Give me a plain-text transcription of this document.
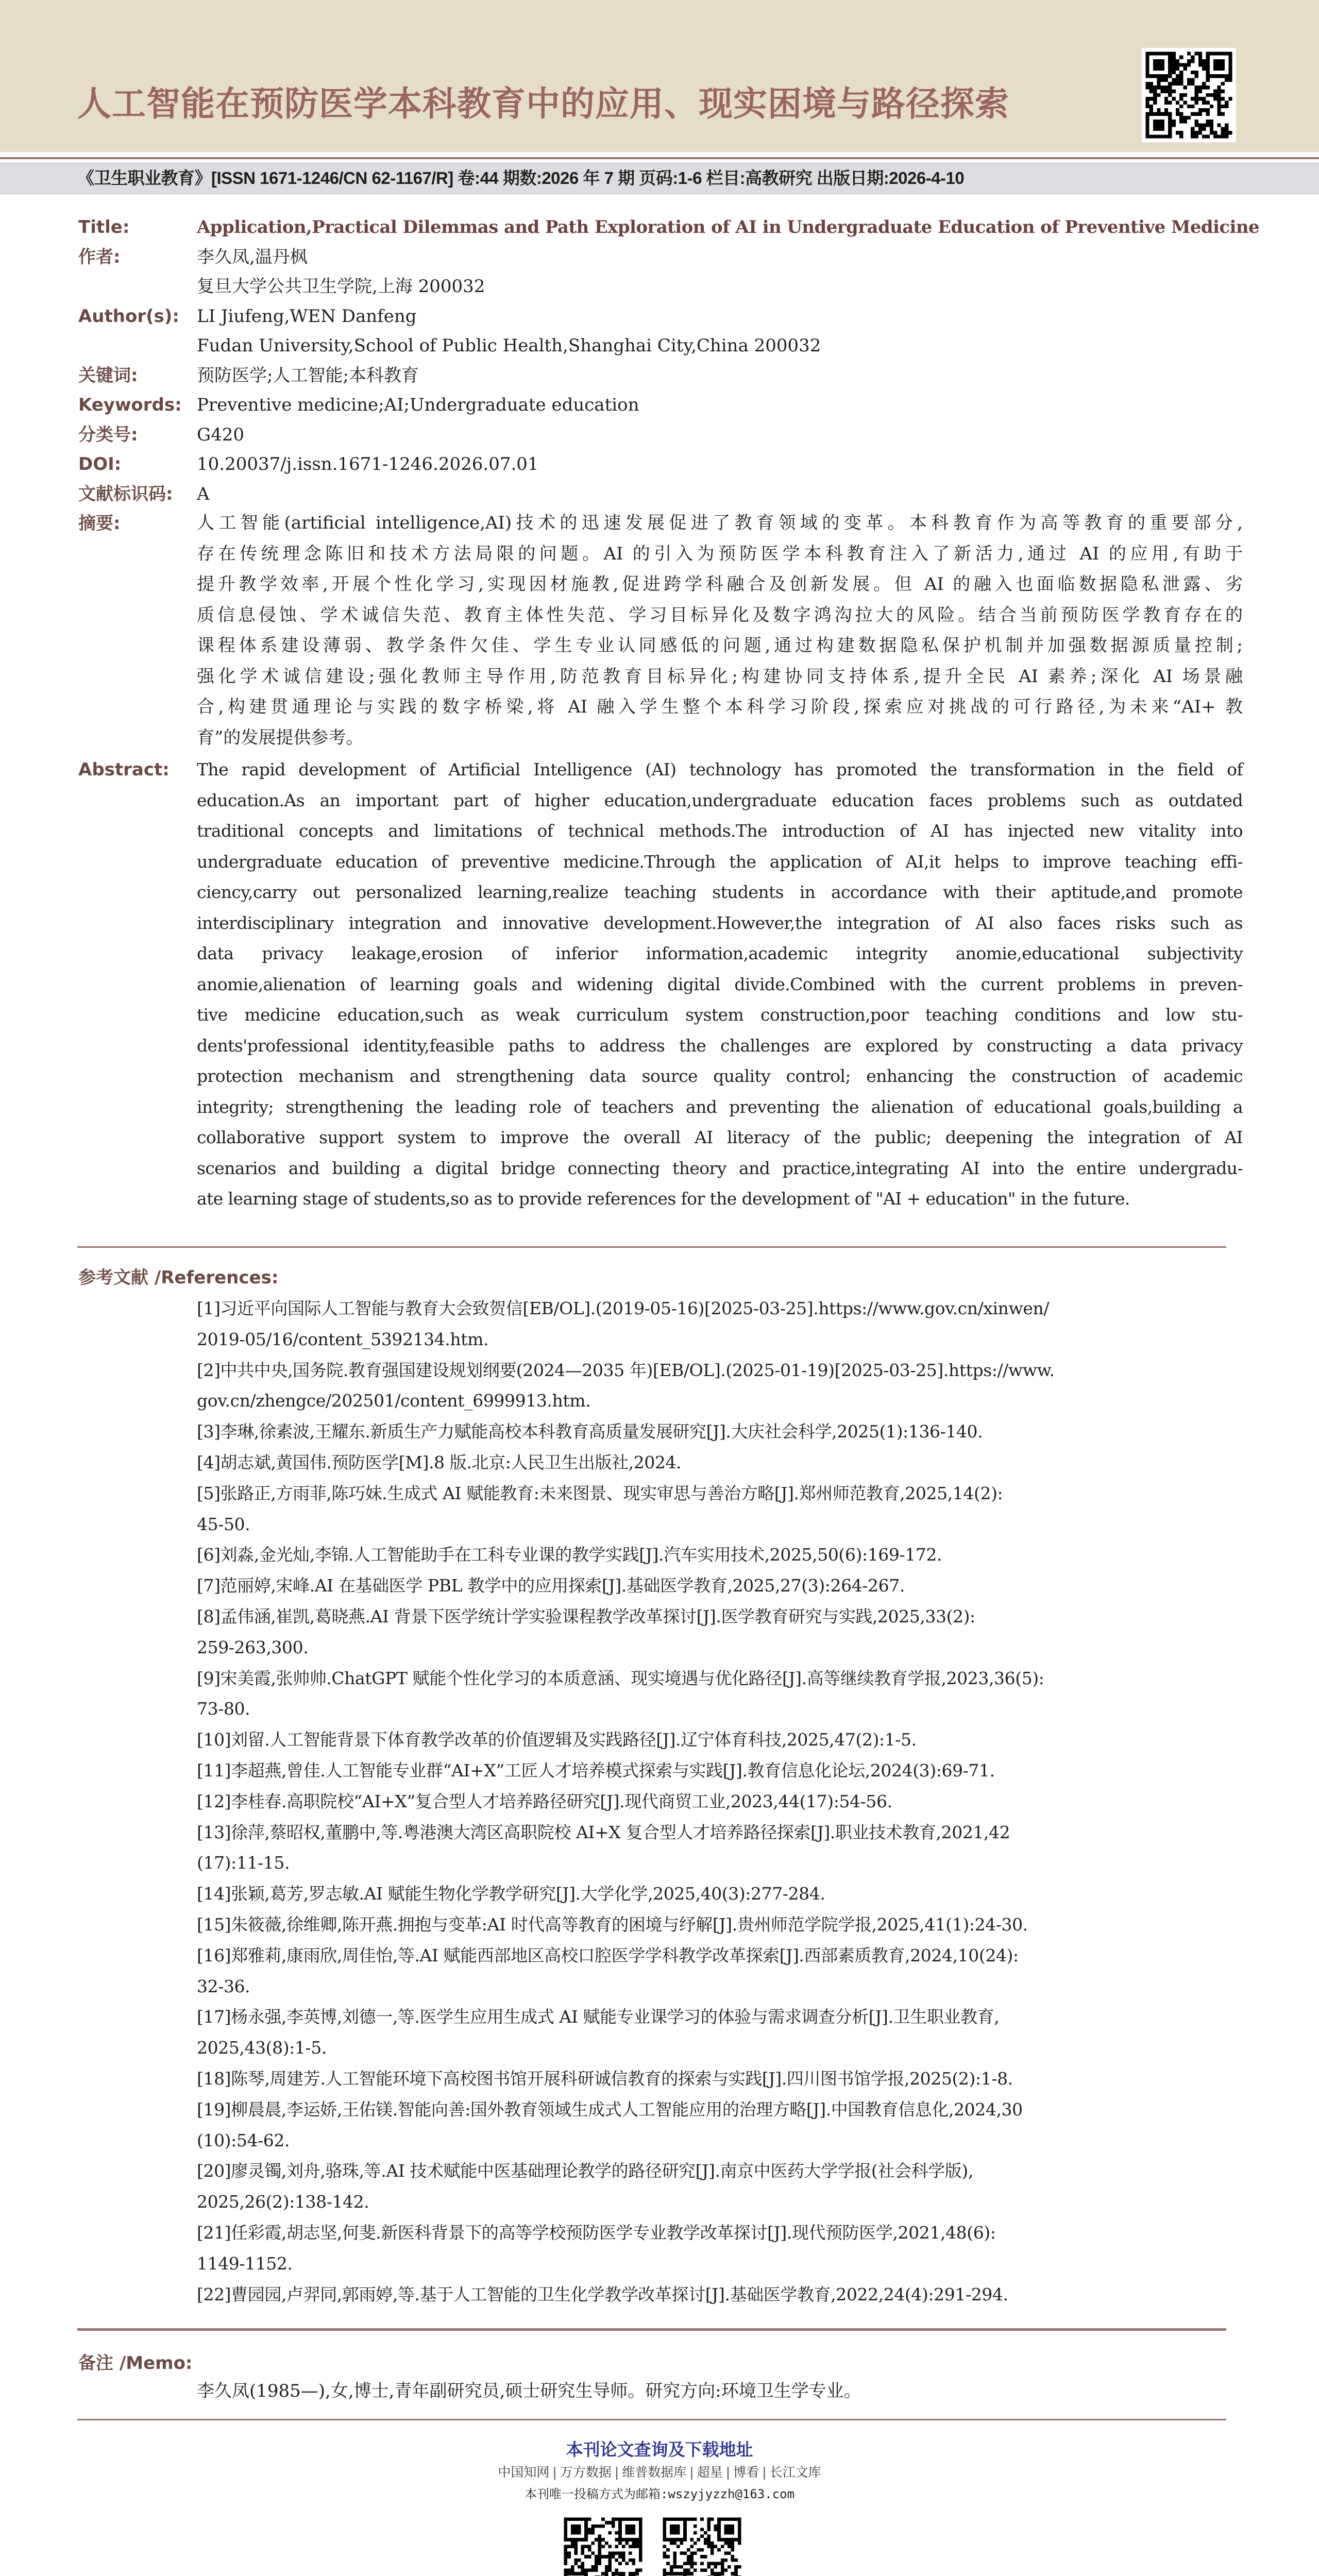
人工智能在预防医学本科教育中的应用、现实困境与路径探索
《卫生职业教育》[ISSN 1671-1246/CN 62-1167/R] 卷:44 期数:2026 年 7 期 页码:1-6 栏目:高教研究 出版日期:2026-4-10
Title:	Application,Practical Dilemmas and Path Exploration of AI in Undergraduate Education of Preventive Medicine
作者:	李久凤,温丹枫
复旦大学公共卫生学院,上海 200032
Author(s): LI Jiufeng,WEN Danfeng
Fudan University,School of Public Health,Shanghai City,China 200032
关键词:	预防医学;人工智能;本科教育
Keywords: Preventive medicine;AI;Undergraduate education
分类号:	G420
DOI:	10.20037/j.issn.1671-1246.2026.07.01
文献标识码: A
摘要:	人工智能(artificial intelligence,AI)技术的迅速发展促进了教育领域的变革。本科教育作为高等教育的重要部分,
存在传统理念陈旧和技术方法局限的问题。AI 的引入为预防医学本科教育注入了新活力,通过 AI 的应用,有助于
提升教学效率,开展个性化学习,实现因材施教,促进跨学科融合及创新发展。但 AI 的融入也面临数据隐私泄露、劣
质信息侵蚀、学术诚信失范、教育主体性失范、学习目标异化及数字鸿沟拉大的风险。结合当前预防医学教育存在的
课程体系建设薄弱、教学条件欠佳、学生专业认同感低的问题,通过构建数据隐私保护机制并加强数据源质量控制;
强化学术诚信建设;强化教师主导作用,防范教育目标异化;构建协同支持体系,提升全民 AI 素养;深化 AI 场景融
合,构建贯通理论与实践的数字桥梁,将 AI 融入学生整个本科学习阶段,探索应对挑战的可行路径,为未来“AI+ 教
育”的发展提供参考。
Abstract: The rapid development of Artificial Intelligence (AI) technology has promoted the transformation in the field of
education.As an important part of higher education,undergraduate education faces problems such as outdated
traditional concepts and limitations of technical methods.The introduction of AI has injected new vitality into
undergraduate education of preventive medicine.Through the application of AI,it helps to improve teaching effi-
ciency,carry out personalized learning,realize teaching students in accordance with their aptitude,and promote
interdisciplinary integration and innovative development.However,the integration of AI also faces risks such as
data privacy leakage,erosion of inferior information,academic integrity anomie,educational subjectivity
anomie,alienation of learning goals and widening digital divide.Combined with the current problems in preven-
tive medicine education,such as weak curriculum system construction,poor teaching conditions and low stu-
dents'professional identity,feasible paths to address the challenges are explored by constructing a data privacy
protection mechanism and strengthening data source quality control; enhancing the construction of academic
integrity; strengthening the leading role of teachers and preventing the alienation of educational goals,building a
collaborative support system to improve the overall AI literacy of the public; deepening the integration of AI
scenarios and building a digital bridge connecting theory and practice,integrating AI into the entire undergradu-
ate learning stage of students,so as to provide references for the development of "AI + education" in the future.
参考文献 /References:
[1]习近平向国际人工智能与教育大会致贺信[EB/OL].(2019-05-16)[2025-03-25].https://www.gov.cn/xinwen/
2019-05/16/content_5392134.htm.
[2]中共中央,国务院.教育强国建设规划纲要(2024—2035 年)[EB/OL].(2025-01-19)[2025-03-25].https://www.
gov.cn/zhengce/202501/content_6999913.htm.
[3]李琳,徐素波,王耀东.新质生产力赋能高校本科教育高质量发展研究[J].大庆社会科学,2025(1):136-140.
[4]胡志斌,黄国伟.预防医学[M].8 版.北京:人民卫生出版社,2024.
[5]张路正,方雨菲,陈巧妹.生成式 AI 赋能教育:未来图景、现实审思与善治方略[J].郑州师范教育,2025,14(2):
45-50.
[6]刘淼,金光灿,李锦.人工智能助手在工科专业课的教学实践[J].汽车实用技术,2025,50(6):169-172.
[7]范丽婷,宋峰.AI 在基础医学 PBL 教学中的应用探索[J].基础医学教育,2025,27(3):264-267.
[8]孟伟涵,崔凯,葛晓燕.AI 背景下医学统计学实验课程教学改革探讨[J].医学教育研究与实践,2025,33(2):
259-263,300.
[9]宋美霞,张帅帅.ChatGPT 赋能个性化学习的本质意涵、现实境遇与优化路径[J].高等继续教育学报,2023,36(5):
73-80.
[10]刘留.人工智能背景下体育教学改革的价值逻辑及实践路径[J].辽宁体育科技,2025,47(2):1-5.
[11]李超燕,曾佳.人工智能专业群“AI+X”工匠人才培养模式探索与实践[J].教育信息化论坛,2024(3):69-71.
[12]李桂春.高职院校“AI+X”复合型人才培养路径研究[J].现代商贸工业,2023,44(17):54-56.
[13]徐萍,蔡昭权,董鹏中,等.粤港澳大湾区高职院校 AI+X 复合型人才培养路径探索[J].职业技术教育,2021,42
(17):11-15.
[14]张颖,葛芳,罗志敏.AI 赋能生物化学教学研究[J].大学化学,2025,40(3):277-284.
[15]朱筱薇,徐维卿,陈开燕.拥抱与变革:AI 时代高等教育的困境与纾解[J].贵州师范学院学报,2025,41(1):24-30.
[16]郑雅莉,康雨欣,周佳怡,等.AI 赋能西部地区高校口腔医学学科教学改革探索[J].西部素质教育,2024,10(24):
32-36.
[17]杨永强,李英博,刘德一,等.医学生应用生成式 AI 赋能专业课学习的体验与需求调查分析[J].卫生职业教育,
2025,43(8):1-5.
[18]陈琴,周建芳.人工智能环境下高校图书馆开展科研诚信教育的探索与实践[J].四川图书馆学报,2025(2):1-8.
[19]柳晨晨,李运娇,王佑镁.智能向善:国外教育领域生成式人工智能应用的治理方略[J].中国教育信息化,2024,30
(10):54-62.
[20]廖灵镯,刘舟,骆珠,等.AI 技术赋能中医基础理论教学的路径研究[J].南京中医药大学学报(社会科学版),
2025,26(2):138-142.
[21]任彩霞,胡志坚,何斐.新医科背景下的高等学校预防医学专业教学改革探讨[J].现代预防医学,2021,48(6):
1149-1152.
[22]曹园园,卢羿同,郭雨婷,等.基于人工智能的卫生化学教学改革探讨[J].基础医学教育,2022,24(4):291-294.
备注 /Memo:
李久凤(1985—),女,博士,青年副研究员,硕士研究生导师。研究方向:环境卫生学专业。
本刊论文查询及下载地址
中国知网 | 万方数据 | 维普数据库 | 超星 | 博看 | 长江文库
本刊唯一投稿方式为邮箱:wszyjyzzh@163.com
